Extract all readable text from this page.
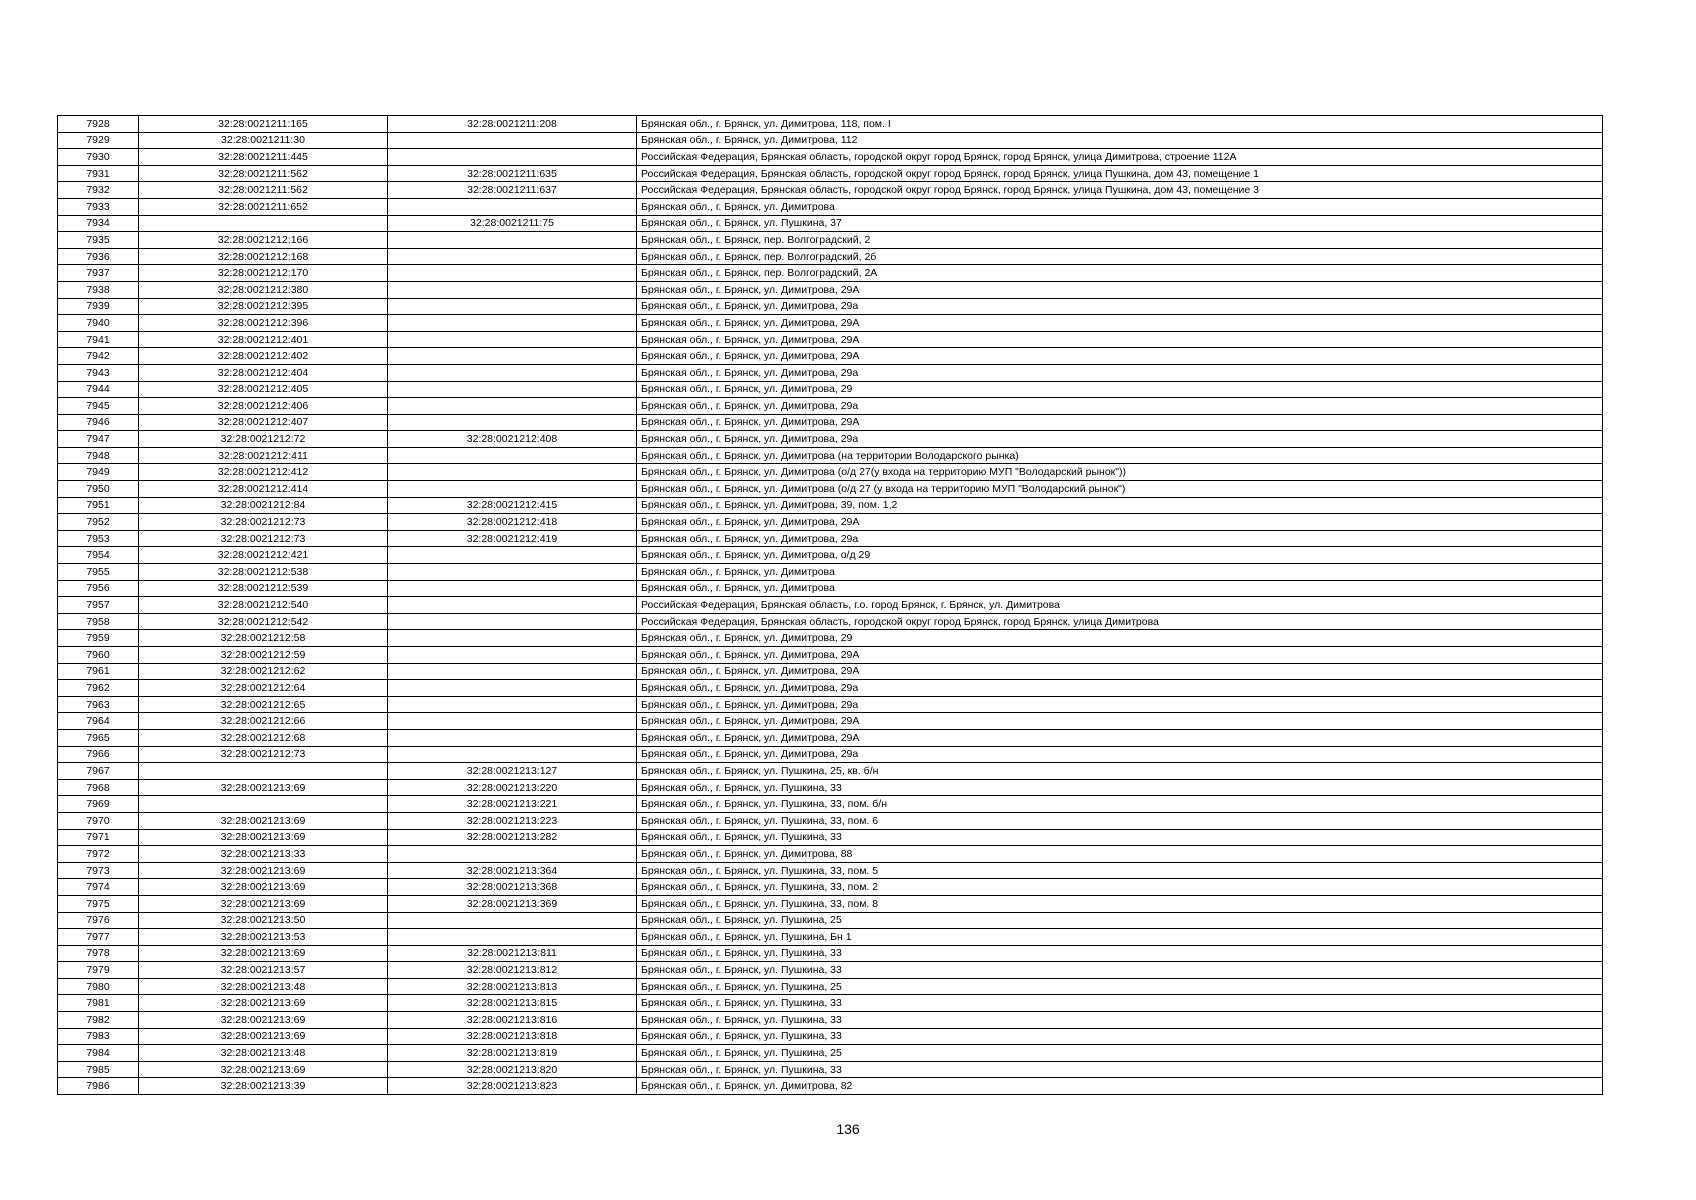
7928	32:28:0021211:165	32:28:0021211:208	Брянская обл., г. Брянск, ул. Димитрова, 118, пом. I
7929	32:28:0021211:30		Брянская обл., г. Брянск, ул. Димитрова, 112
7930	32:28:0021211:445		Российская Федерация, Брянская область, городской округ город Брянск, город Брянск, улица Димитрова, строение 112А
7931	32:28:0021211:562	32:28:0021211:635	Российская Федерация, Брянская область, городской округ город Брянск, город Брянск, улица Пушкина, дом 43, помещение 1
7932	32:28:0021211:562	32:28:0021211:637	Российская Федерация, Брянская область, городской округ город Брянск, город Брянск, улица Пушкина, дом 43, помещение 3
7933	32:28:0021211:652		Брянская обл., г. Брянск, ул. Димитрова
7934		32:28:0021211:75	Брянская обл., г. Брянск, ул. Пушкина, 37
7935	32:28:0021212:166		Брянская обл., г. Брянск, пер. Волгоградский, 2
7936	32:28:0021212:168		Брянская обл., г. Брянск, пер. Волгоградский, 2б
7937	32:28:0021212:170		Брянская обл., г. Брянск, пер. Волгоградский, 2А
7938	32:28:0021212:380		Брянская обл., г. Брянск, ул. Димитрова, 29А
7939	32:28:0021212:395		Брянская обл., г. Брянск, ул. Димитрова, 29а
7940	32:28:0021212:396		Брянская обл., г. Брянск, ул. Димитрова, 29А
7941	32:28:0021212:401		Брянская обл., г. Брянск, ул. Димитрова, 29А
7942	32:28:0021212:402		Брянская обл., г. Брянск, ул. Димитрова, 29А
7943	32:28:0021212:404		Брянская обл., г. Брянск, ул. Димитрова, 29а
7944	32:28:0021212:405		Брянская обл., г. Брянск, ул. Димитрова, 29
7945	32:28:0021212:406		Брянская обл., г. Брянск, ул. Димитрова, 29а
7946	32:28:0021212:407		Брянская обл., г. Брянск, ул. Димитрова, 29А
7947	32:28:0021212:72	32:28:0021212:408	Брянская обл., г. Брянск, ул. Димитрова, 29а
7948	32:28:0021212:411		Брянская обл., г. Брянск, ул. Димитрова (на территории Володарского рынка)
7949	32:28:0021212:412		Брянская обл., г. Брянск, ул. Димитрова (о/д 27(у входа на территорию МУП "Володарский рынок"))
7950	32:28:0021212:414		Брянская обл., г. Брянск, ул. Димитрова (о/д 27 (у входа на территорию МУП "Володарский рынок")
7951	32:28:0021212:84	32:28:0021212:415	Брянская обл., г. Брянск, ул. Димитрова, 39, пом. 1,2
7952	32:28:0021212:73	32:28:0021212:418	Брянская обл., г. Брянск, ул. Димитрова, 29А
7953	32:28:0021212:73	32:28:0021212:419	Брянская обл., г. Брянск, ул. Димитрова, 29а
7954	32:28:0021212:421		Брянская обл., г. Брянск, ул. Димитрова, о/д 29
7955	32:28:0021212:538		Брянская обл., г. Брянск, ул. Димитрова
7956	32:28:0021212:539		Брянская обл., г. Брянск, ул. Димитрова
7957	32:28:0021212:540		Российская Федерация, Брянская область, г.о. город Брянск, г. Брянск, ул. Димитрова
7958	32:28:0021212:542		Российская Федерация, Брянская область, городской округ город Брянск, город Брянск, улица Димитрова
7959	32:28:0021212:58		Брянская обл., г. Брянск, ул. Димитрова, 29
7960	32:28:0021212:59		Брянская обл., г. Брянск, ул. Димитрова, 29А
7961	32:28:0021212:62		Брянская обл., г. Брянск, ул. Димитрова, 29А
7962	32:28:0021212:64		Брянская обл., г. Брянск, ул. Димитрова, 29а
7963	32:28:0021212:65		Брянская обл., г. Брянск, ул. Димитрова, 29а
7964	32:28:0021212:66		Брянская обл., г. Брянск, ул. Димитрова, 29А
7965	32:28:0021212:68		Брянская обл., г. Брянск, ул. Димитрова, 29А
7966	32:28:0021212:73		Брянская обл., г. Брянск, ул. Димитрова, 29а
7967		32:28:0021213:127	Брянская обл., г. Брянск, ул. Пушкина, 25, кв. б/н
7968	32:28:0021213:69	32:28:0021213:220	Брянская обл., г. Брянск, ул. Пушкина, 33
7969		32:28:0021213:221	Брянская обл., г. Брянск, ул. Пушкина, 33, пом. б/н
7970	32:28:0021213:69	32:28:0021213:223	Брянская обл., г. Брянск, ул. Пушкина, 33, пом. 6
7971	32:28:0021213:69	32:28:0021213:282	Брянская обл., г. Брянск, ул. Пушкина, 33
7972	32:28:0021213:33		Брянская обл., г. Брянск, ул. Димитрова, 88
7973	32:28:0021213:69	32:28:0021213:364	Брянская обл., г. Брянск, ул. Пушкина, 33, пом. 5
7974	32:28:0021213:69	32:28:0021213:368	Брянская обл., г. Брянск, ул. Пушкина, 33, пом. 2
7975	32:28:0021213:69	32:28:0021213:369	Брянская обл., г. Брянск, ул. Пушкина, 33, пом. 8
7976	32:28:0021213:50		Брянская обл., г. Брянск, ул. Пушкина, 25
7977	32:28:0021213:53		Брянская обл., г. Брянск, ул. Пушкина, Бн 1
7978	32:28:0021213:69	32:28:0021213:811	Брянская обл., г. Брянск, ул. Пушкина, 33
7979	32:28:0021213:57	32:28:0021213:812	Брянская обл., г. Брянск, ул. Пушкина, 33
7980	32:28:0021213:48	32:28:0021213:813	Брянская обл., г. Брянск, ул. Пушкина, 25
7981	32:28:0021213:69	32:28:0021213:815	Брянская обл., г. Брянск, ул. Пушкина, 33
7982	32:28:0021213:69	32:28:0021213:816	Брянская обл., г. Брянск, ул. Пушкина, 33
7983	32:28:0021213:69	32:28:0021213:818	Брянская обл., г. Брянск, ул. Пушкина, 33
7984	32:28:0021213:48	32:28:0021213:819	Брянская обл., г. Брянск, ул. Пушкина, 25
7985	32:28:0021213:69	32:28:0021213:820	Брянская обл., г. Брянск, ул. Пушкина, 33
7986	32:28:0021213:39	32:28:0021213:823	Брянская обл., г. Брянск, ул. Димитрова, 82
136
